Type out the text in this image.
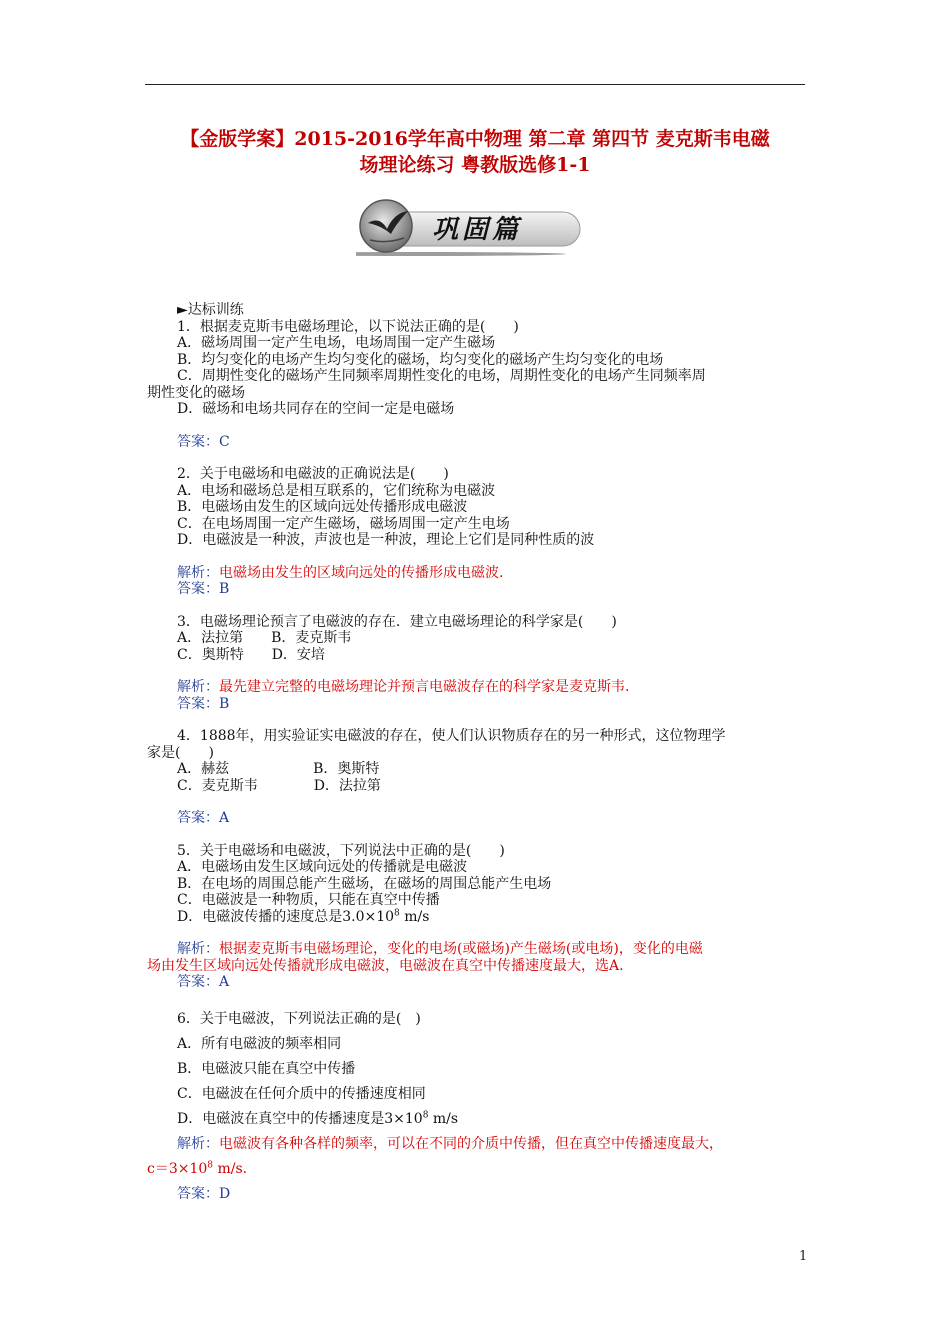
【金版学案】2015-2016学年高中物理 第二章 第四节 麦克斯韦电磁
场理论练习 粤教版选修1-1
巩固篇
►达标训练
1．根据麦克斯韦电磁场理论，以下说法正确的是(　　)
A．磁场周围一定产生电场，电场周围一定产生磁场
B．均匀变化的电场产生均匀变化的磁场，均匀变化的磁场产生均匀变化的电场
C．周期性变化的磁场产生同频率周期性变化的电场，周期性变化的电场产生同频率周
期性变化的磁场
D．磁场和电场共同存在的空间一定是电磁场
答案：C
2．关于电磁场和电磁波的正确说法是(　　)
A．电场和磁场总是相互联系的，它们统称为电磁波
B．电磁场由发生的区域向远处传播形成电磁波
C．在电场周围一定产生磁场，磁场周围一定产生电场
D．电磁波是一种波，声波也是一种波，理论上它们是同种性质的波
解析：电磁场由发生的区域向远处的传播形成电磁波.
答案：B
3．电磁场理论预言了电磁波的存在．建立电磁场理论的科学家是(　　)
A．法拉第　　B．麦克斯韦
C．奥斯特　　D．安培
解析：最先建立完整的电磁场理论并预言电磁波存在的科学家是麦克斯韦.
答案：B
4．1888年，用实验证实电磁波的存在，使人们认识物质存在的另一种形式，这位物理学
家是(　　)
A．赫兹　　　　　　B．奥斯特
C．麦克斯韦　　　　D．法拉第
答案：A
5．关于电磁场和电磁波，下列说法中正确的是(　　)
A．电磁场由发生区域向远处的传播就是电磁波
B．在电场的周围总能产生磁场，在磁场的周围总能产生电场
C．电磁波是一种物质，只能在真空中传播
D．电磁波传播的速度总是$3.0\times 10^8$ m/s
解析：根据麦克斯韦电磁场理论，变化的电场(或磁场)产生磁场(或电场)，变化的电磁
场由发生区域向远处传播就形成电磁波，电磁波在真空中传播速度最大，选A.
答案：A
6．关于电磁波，下列说法正确的是(　)
A．所有电磁波的频率相同
B．电磁波只能在真空中传播
C．电磁波在任何介质中的传播速度相同
D．电磁波在真空中的传播速度是$3\times 10^8$ m/s
解析：电磁波有各种各样的频率，可以在不同的介质中传播，但在真空中传播速度最大，
$c=3\times 10^8$ m/s.
答案：D
1
